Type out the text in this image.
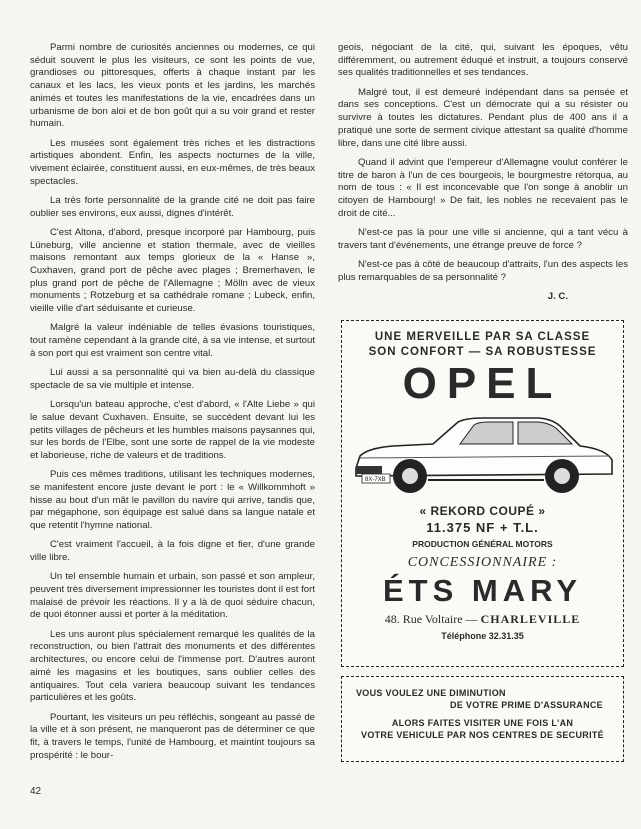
Parmi nombre de curiosités anciennes ou modernes, ce qui séduit souvent le plus les visiteurs, ce sont les points de vue, grandioses ou pittoresques, offerts à chaque instant par les canaux et les lacs, les vieux ponts et les jardins, les marchés animés et toutes les manifestations de la vie, encadrées dans un urbanisme de bon aloi et de bon goût qui a su voir grand et rester humain.

Les musées sont également très riches et les distractions artistiques abondent. Enfin, les aspects nocturnes de la ville, vivement éclairée, constituent aussi, en eux-mêmes, de très beaux spectacles.

La très forte personnalité de la grande cité ne doit pas faire oublier ses environs, eux aussi, dignes d'intérêt.

C'est Altona, d'abord, presque incorporé par Hambourg, puis Lüneburg, ville ancienne et station thermale, avec de vieilles maisons remontant aux temps glorieux de la « Hanse », Cuxhaven, grand port de pêche avec plages ; Bremerhaven, le plus grand port de pêche de l'Allemagne ; Mölln avec de vieux monuments ; Rotzeburg et sa cathédrale romane ; Lubeck, enfin, vieille ville d'art séduisante et curieuse.

Malgré la valeur indéniable de telles évasions touristiques, tout ramène cependant à la grande cité, à sa vie intense, et surtout à son port qui est vraiment son centre vital.

Lui aussi a sa personnalité qui va bien au-delà du classique spectacle de sa vie multiple et intense.

Lorsqu'un bateau approche, c'est d'abord, « l'Alte Liebe » qui le salue devant Cuxhaven. Ensuite, se succèdent devant lui les petits villages de pêcheurs et les humbles maisons paysannes qui, sur les bords de l'Elbe, sont une sorte de rappel de la vie modeste et laborieuse, riche de valeurs et de traditions.

Puis ces mêmes traditions, utilisant les techniques modernes, se manifestent encore juste devant le port : le « Willkommhoft » hisse au bout d'un mât le pavillon du navire qui arrive, tandis que, par mégaphone, son équipage est salué dans sa langue natale et que retentit l'hymne national.

C'est vraiment l'accueil, à la fois digne et fier, d'une grande ville libre.

Un tel ensemble humain et urbain, son passé et son ampleur, peuvent très diversement impressionner les touristes dont il est fort malaisé de prévoir les réactions. Il y a là de quoi séduire chacun, de quoi étonner aussi et porter à la méditation.

Les uns auront plus spécialement remarqué les qualités de la reconstruction, ou bien l'attrait des monuments et des différentes architectures, ou encore celui de l'immense port. D'autres auront aimé les magasins et les boutiques, sans oublier celles des antiquaires. Tout cela variera beaucoup suivant les tendances particulières et les goûts.

Pourtant, les visiteurs un peu réfléchis, songeant au passé de la ville et à son présent, ne manqueront pas de déterminer ce que fit, à travers le temps, l'unité de Hambourg, et maintint toujours sa prospérité : le bour-

geois, négociant de la cité, qui, suivant les époques, vêtu différemment, ou autrement éduqué et instruit, a toujours conservé ses qualités traditionnelles et ses tendances.

Malgré tout, il est demeuré indépendant dans sa pensée et dans ses conceptions. C'est un démocrate qui a su résister ou survivre à toutes les dictatures. Pendant plus de 400 ans il a pratiqué une sorte de serment civique attestant sa qualité d'homme libre, dans une cité libre aussi.

Quand il advint que l'empereur d'Allemagne voulut conférer le titre de baron à l'un de ces bourgeois, le bourgmestre rétorqua, au nom de tous : « Il est inconcevable que l'on songe à anoblir un citoyen de Hambourg! » De fait, les nobles ne recevaient pas le droit de cité...

N'est-ce pas là pour une ville si ancienne, qui a tant vécu à travers tant d'événements, une étrange preuve de force ?

N'est-ce pas à côté de beaucoup d'attraits, l'un des aspects les plus remarquables de sa personnalité ?

J. C.
UNE MERVEILLE PAR SA CLASSE
SON CONFORT — SA ROBUSTESSE
OPEL
8X-7XB
« REKORD COUPÉ »
11.375 NF + T.L.
PRODUCTION GÉNÉRAL MOTORS
CONCESSIONNAIRE :
ÉTS MARY
48. Rue Voltaire — CHARLEVILLE
Téléphone 32.31.35
VOUS VOULEZ UNE DIMINUTION
DE VOTRE PRIME D'ASSURANCE
ALORS FAITES VISITER UNE FOIS L'AN
VOTRE VEHICULE PAR NOS CENTRES DE SECURITÉ
42
